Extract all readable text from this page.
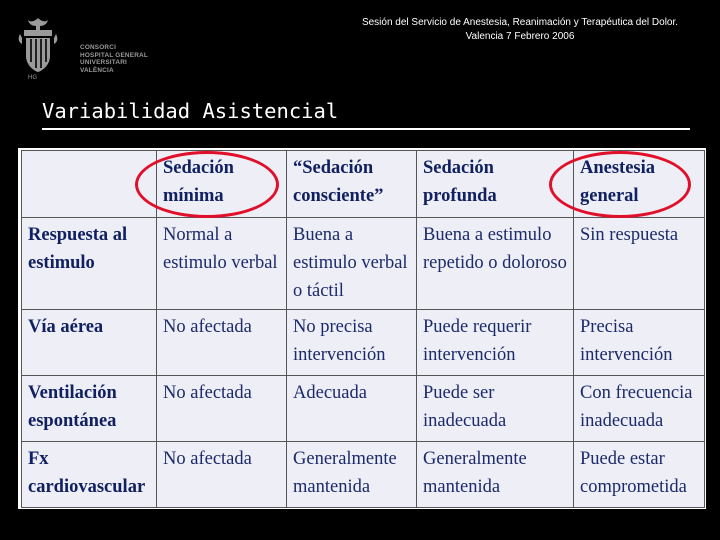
HG
CONSORCI
HOSPITAL GENERAL
UNIVERSITARI
VALÈNCIA
Sesión del Servicio de Anestesia, Reanimación y Terapéutica del Dolor.
Valencia 7 Febrero 2006
Variabilidad Asistencial
	Sedación mínima	“Sedación consciente”	Sedación profunda	Anestesia general
Respuesta al estimulo	Normal a estimulo verbal	Buena a estimulo verbal o táctil	Buena a estimulo repetido o doloroso	Sin respuesta
Vía aérea	No afectada	No precisa intervención	Puede requerir intervención	Precisa intervención
Ventilación espontánea	No afectada	Adecuada	Puede ser inadecuada	Con frecuencia inadecuada
Fx cardiovascular	No afectada	Generalmente mantenida	Generalmente mantenida	Puede estar comprometida
